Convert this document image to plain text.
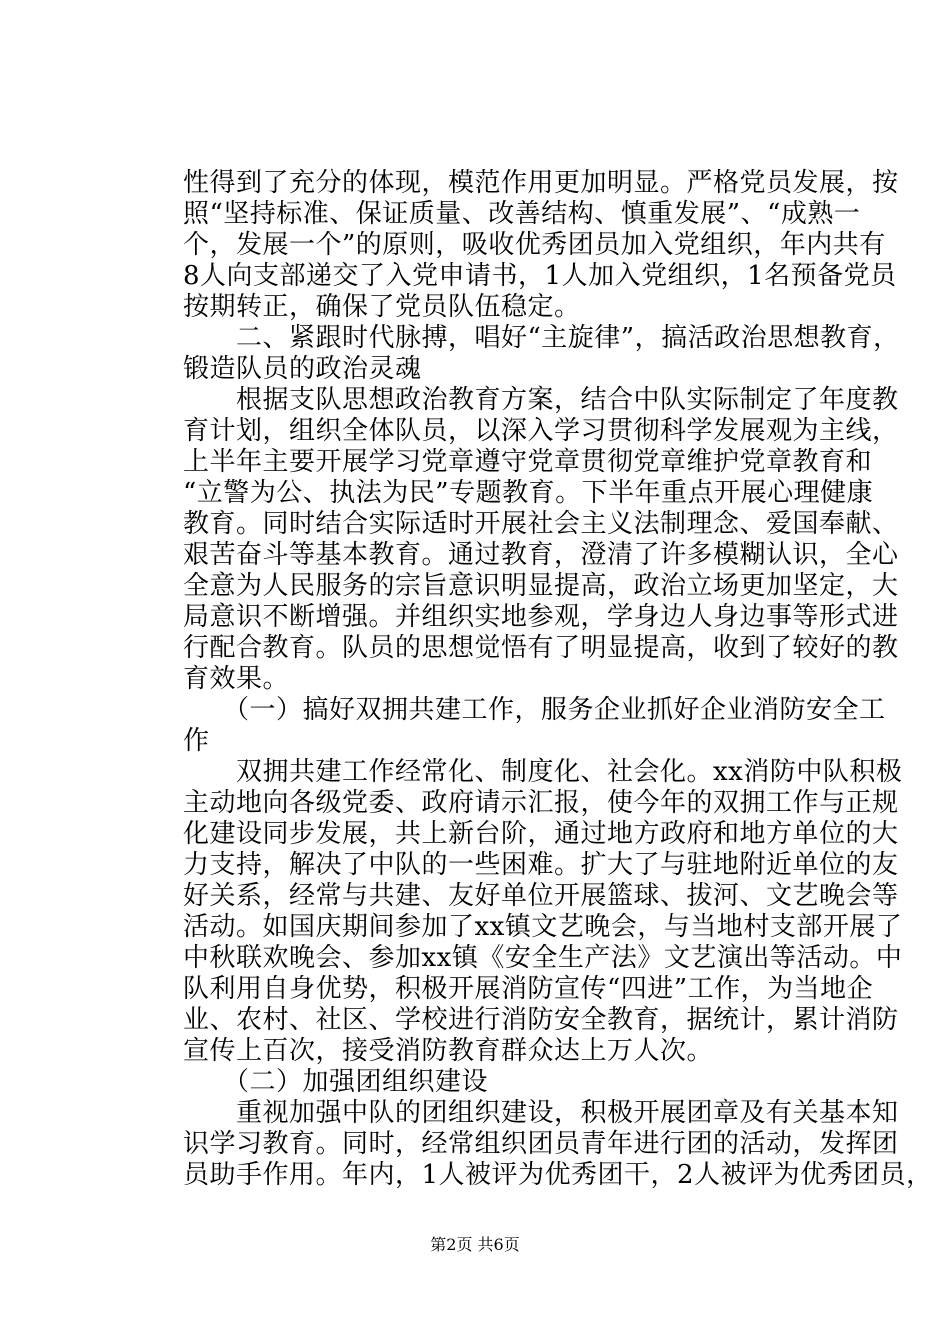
性得到了充分的体现，模范作用更加明显。严格党员发展，按
照“坚持标准、保证质量、改善结构、慎重发展”、“成熟一
个，发展一个”的原则，吸收优秀团员加入党组织，年内共有
8人向支部递交了入党申请书，1人加入党组织，1名预备党员
按期转正，确保了党员队伍稳定。
　　二、紧跟时代脉搏，唱好“主旋律”，搞活政治思想教育，
锻造队员的政治灵魂
　　根据支队思想政治教育方案，结合中队实际制定了年度教
育计划，组织全体队员，以深入学习贯彻科学发展观为主线，
上半年主要开展学习党章遵守党章贯彻党章维护党章教育和
“立警为公、执法为民”专题教育。下半年重点开展心理健康
教育。同时结合实际适时开展社会主义法制理念、爱国奉献、
艰苦奋斗等基本教育。通过教育，澄清了许多模糊认识，全心
全意为人民服务的宗旨意识明显提高，政治立场更加坚定，大
局意识不断增强。并组织实地参观，学身边人身边事等形式进
行配合教育。队员的思想觉悟有了明显提高，收到了较好的教
育效果。
　　（一）搞好双拥共建工作，服务企业抓好企业消防安全工
作
　　双拥共建工作经常化、制度化、社会化。xx消防中队积极
主动地向各级党委、政府请示汇报，使今年的双拥工作与正规
化建设同步发展，共上新台阶，通过地方政府和地方单位的大
力支持，解决了中队的一些困难。扩大了与驻地附近单位的友
好关系，经常与共建、友好单位开展篮球、拔河、文艺晚会等
活动。如国庆期间参加了xx镇文艺晚会，与当地村支部开展了
中秋联欢晚会、参加xx镇《安全生产法》文艺演出等活动。中
队利用自身优势，积极开展消防宣传“四进”工作，为当地企
业、农村、社区、学校进行消防安全教育，据统计，累计消防
宣传上百次，接受消防教育群众达上万人次。
　　（二）加强团组织建设
　　重视加强中队的团组织建设，积极开展团章及有关基本知
识学习教育。同时，经常组织团员青年进行团的活动，发挥团
员助手作用。年内，1人被评为优秀团干，2人被评为优秀团员，
第2页 共6页
